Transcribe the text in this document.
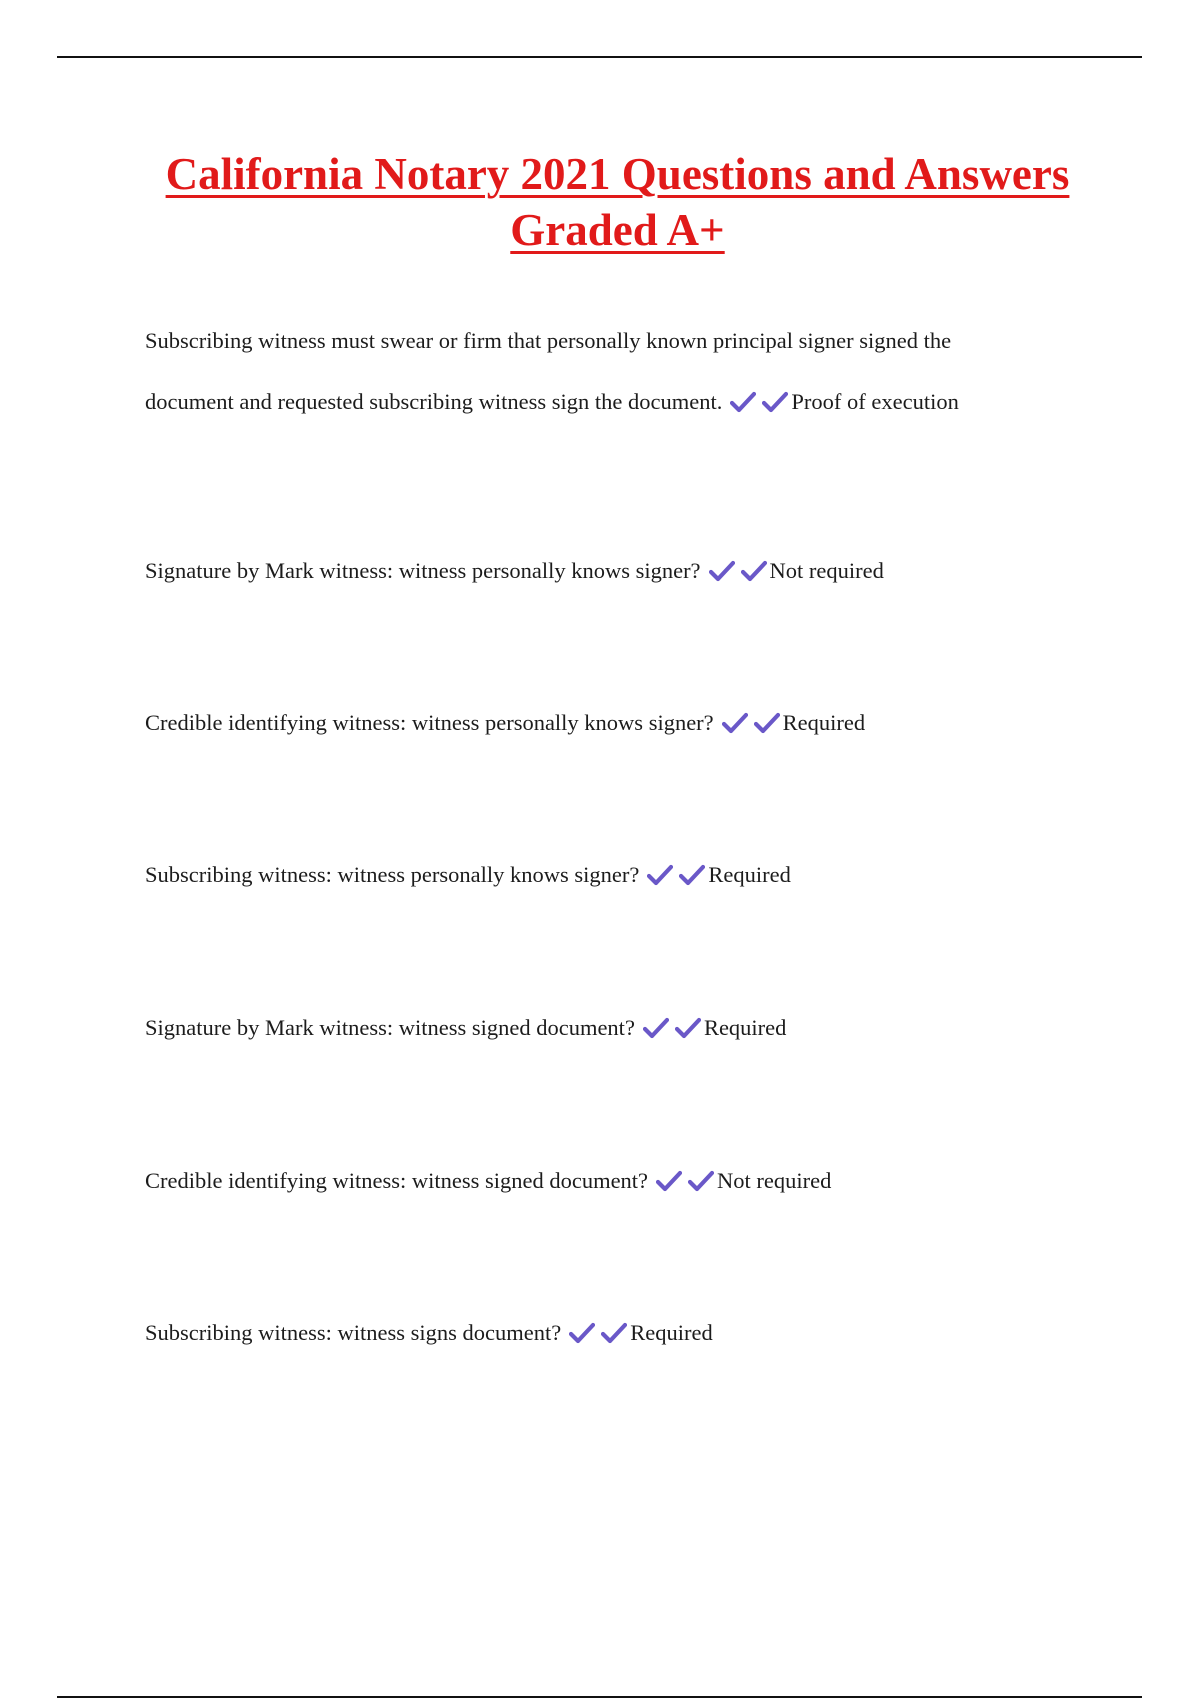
California Notary 2021 Questions and Answers Graded A+

Subscribing witness must swear or firm that personally known principal signer signed the document and requested subscribing witness sign the document.	Proof of execution

Signature by Mark witness: witness personally knows signer?	Not required

Credible identifying witness: witness personally knows signer?	Required

Subscribing witness: witness personally knows signer?	Required

Signature by Mark witness: witness signed document?	Required

Credible identifying witness: witness signed document?	Not required

Subscribing witness: witness signs document?	Required
